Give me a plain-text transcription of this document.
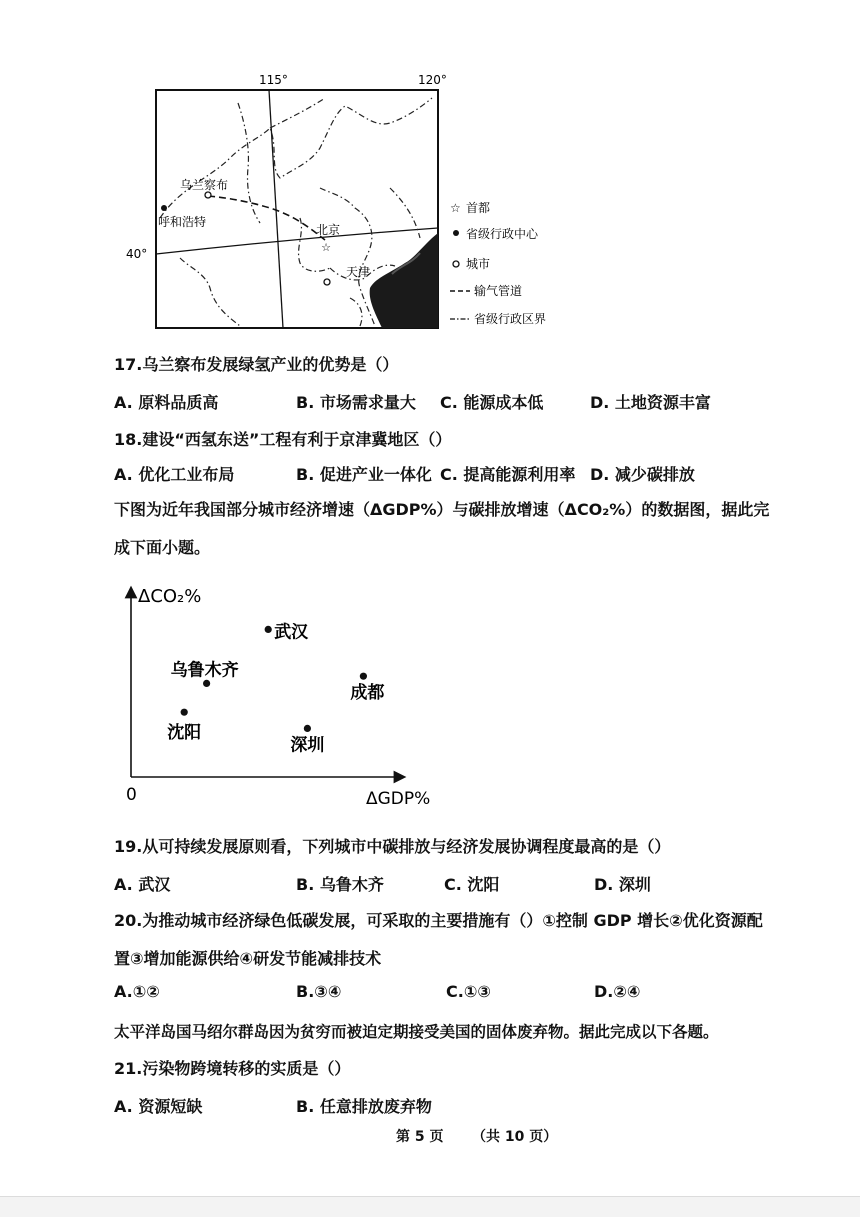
☆
115°	120°
40°
乌兰察布
呼和浩特
北京
天津
☆ 首都
省级行政中心
城市
输气管道
省级行政区界
17.乌兰察布发展绿氢产业的优势是（）
A. 原料品质高	B. 市场需求量大 C. 能源成本低	D. 土地资源丰富
18.建设“西氢东送”工程有利于京津冀地区（）
A. 优化工业布局	B. 促进产业一体化 C. 提高能源利用率 D. 减少碳排放
下图为近年我国部分城市经济增速（ΔGDP%）与碳排放增速（ΔCO₂%）的数据图，据此完
成下面小题。
ΔCO₂%
ΔGDP%
0
武汉
乌鲁木齐
成都
沈阳
深圳
19.从可持续发展原则看，下列城市中碳排放与经济发展协调程度最高的是（）
A. 武汉	B. 乌鲁木齐	C. 沈阳	D. 深圳
20.为推动城市经济绿色低碳发展，可采取的主要措施有（）①控制 GDP 增长②优化资源配
置③增加能源供给④研发节能减排技术
A.①②	B.③④	C.①③	D.②④
太平洋岛国马绍尔群岛因为贫穷而被迫定期接受美国的固体废弃物。据此完成以下各题。
21.污染物跨境转移的实质是（）
A. 资源短缺	B. 任意排放废弃物
第 5 页 （共 10 页）
